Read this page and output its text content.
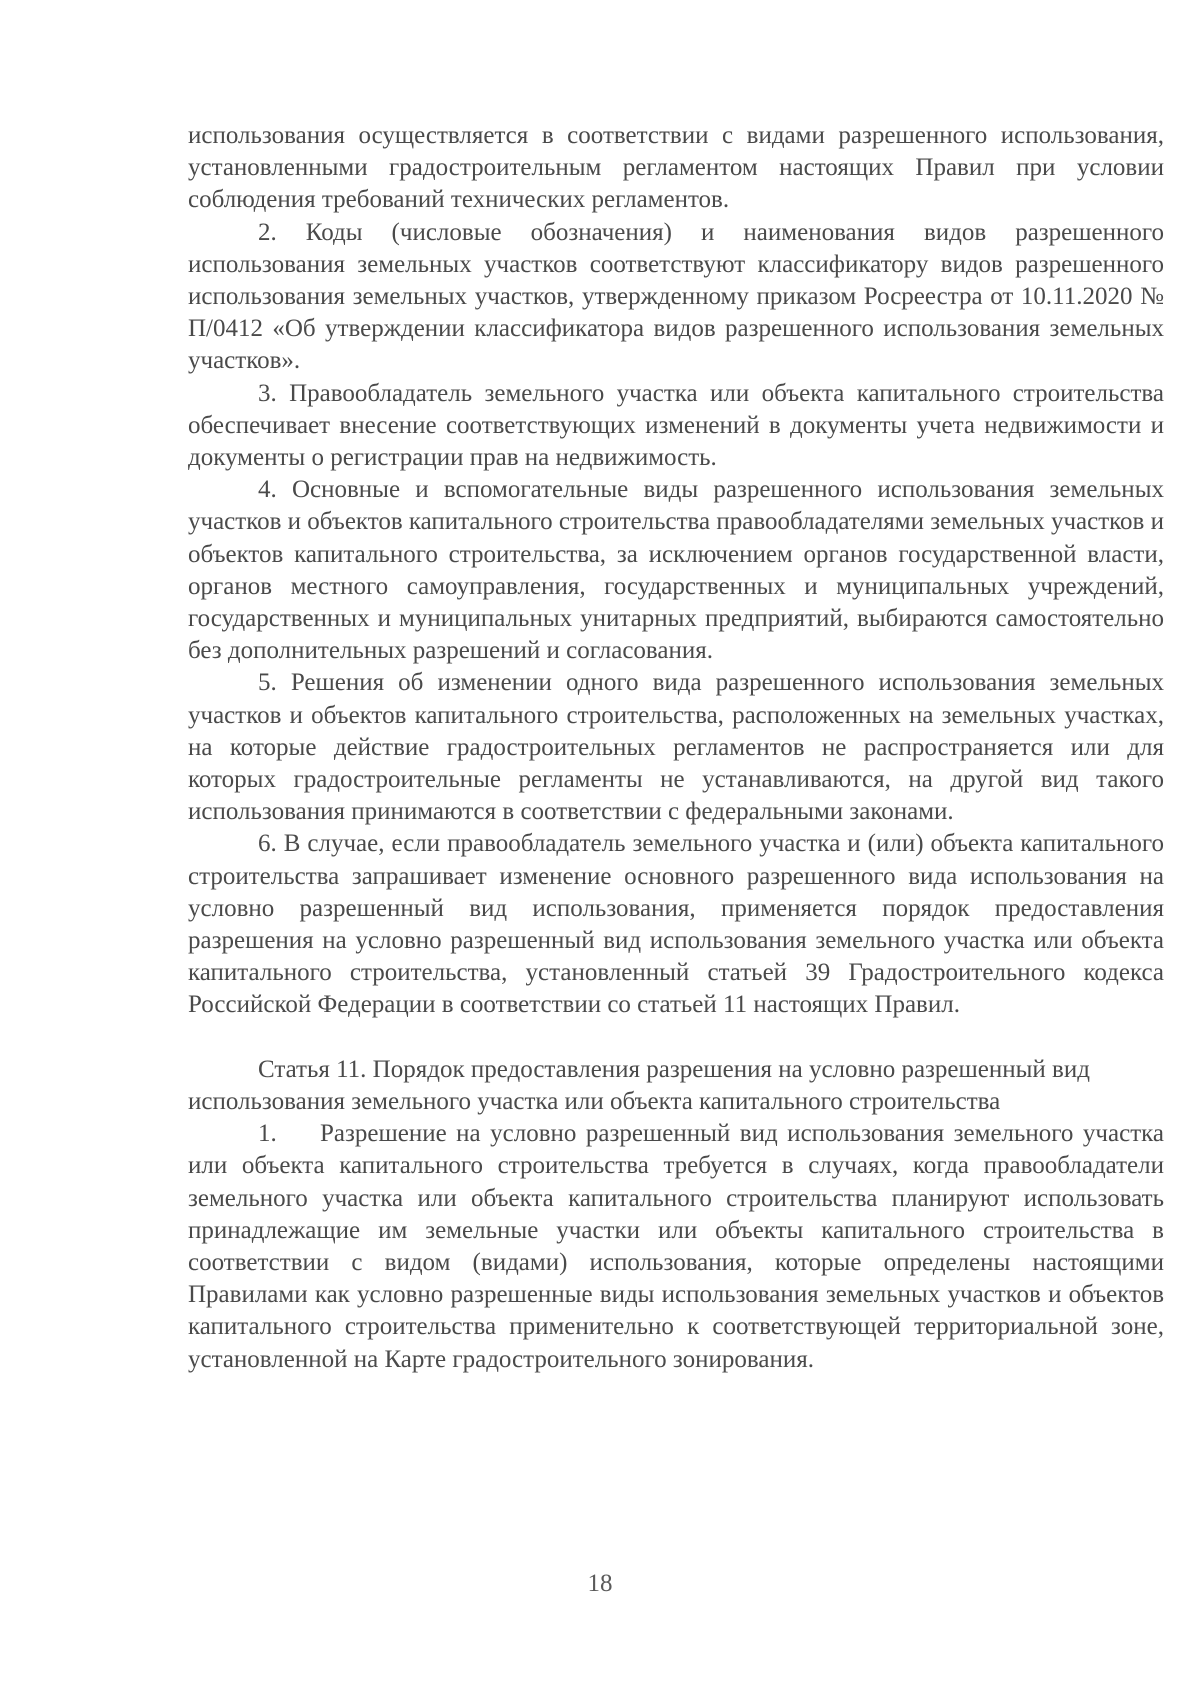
использования осуществляется в соответствии с видами разрешенного использования, установленными градостроительным регламентом настоящих Правил при условии соблюдения требований технических регламентов.

2. Коды (числовые обозначения) и наименования видов разрешенного использования земельных участков соответствуют классификатору видов разрешенного использования земельных участков, утвержденному приказом Росреестра от 10.11.2020 № П/0412 «Об утверждении классификатора видов разрешенного использования земельных участков».

3. Правообладатель земельного участка или объекта капитального строительства обеспечивает внесение соответствующих изменений в документы учета недвижимости и документы о регистрации прав на недвижимость.

4. Основные и вспомогательные виды разрешенного использования земельных участков и объектов капитального строительства правообладателями земельных участков и объектов капитального строительства, за исключением органов государственной власти, органов местного самоуправления, государственных и муниципальных учреждений, государственных и муниципальных унитарных предприятий, выбираются самостоятельно без дополнительных разрешений и согласования.

5. Решения об изменении одного вида разрешенного использования земельных участков и объектов капитального строительства, расположенных на земельных участках, на которые действие градостроительных регламентов не распространяется или для которых градостроительные регламенты не устанавливаются, на другой вид такого использования принимаются в соответствии с федеральными законами.

6. В случае, если правообладатель земельного участка и (или) объекта капитального строительства запрашивает изменение основного разрешенного вида использования на условно разрешенный вид использования, применяется порядок предоставления разрешения на условно разрешенный вид использования земельного участка или объекта капитального строительства, установленный статьей 39 Градостроительного кодекса Российской Федерации в соответствии со статьей 11 настоящих Правил.

Статья 11. Порядок предоставления разрешения на условно разрешенный вид использования земельного участка или объекта капитального строительства

1. Разрешение на условно разрешенный вид использования земельного участка или объекта капитального строительства требуется в случаях, когда правообладатели земельного участка или объекта капитального строительства планируют использовать принадлежащие им земельные участки или объекты капитального строительства в соответствии с видом (видами) использования, которые определены настоящими Правилами как условно разрешенные виды использования земельных участков и объектов капитального строительства применительно к соответствующей территориальной зоне, установленной на Карте градостроительного зонирования.

18
